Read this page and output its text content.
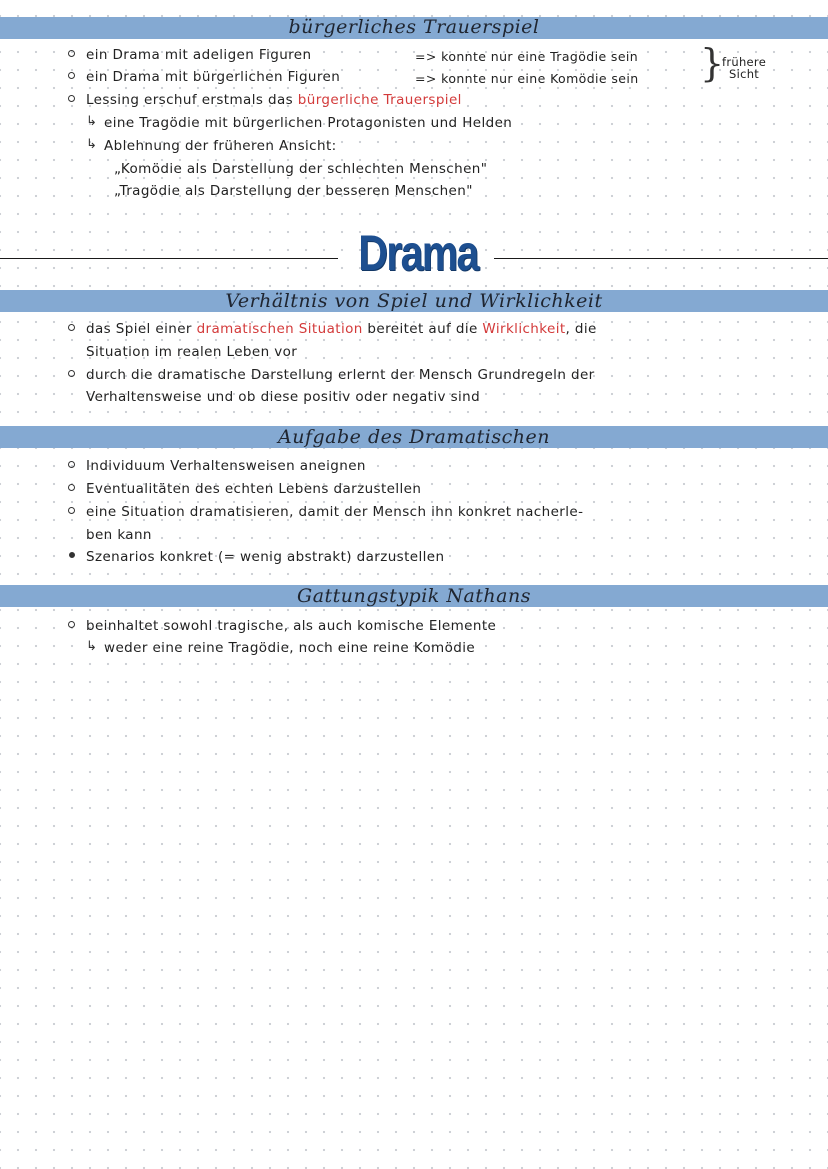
bürgerliches Trauerspiel
ein Drama mit adeligen Figuren	=> konnte nur eine Tragödie sein
ein Drama mit bürgerlichen Figuren	=> konnte nur eine Komödie sein }
frühere
Sicht
Lessing erschuf erstmals das bürgerliche Trauerspiel
↳ eine Tragödie mit bürgerlichen Protagonisten und Helden
↳ Ablehnung der früheren Ansicht:
„Komödie als Darstellung der schlechten Menschen"
„Tragödie als Darstellung der besseren Menschen"
Drama
Verhältnis von Spiel und Wirklichkeit
das Spiel einer dramatischen Situation bereitet auf die Wirklichkeit, die
Situation im realen Leben vor
durch die dramatische Darstellung erlernt der Mensch Grundregeln der
Verhaltensweise und ob diese positiv oder negativ sind
Aufgabe des Dramatischen
Individuum Verhaltensweisen aneignen
Eventualitäten des echten Lebens darzustellen
eine Situation dramatisieren, damit der Mensch ihn konkret nacherle-
ben kann
Szenarios konkret (= wenig abstrakt) darzustellen
Gattungstypik Nathans
beinhaltet sowohl tragische, als auch komische Elemente
↳ weder eine reine Tragödie, noch eine reine Komödie
